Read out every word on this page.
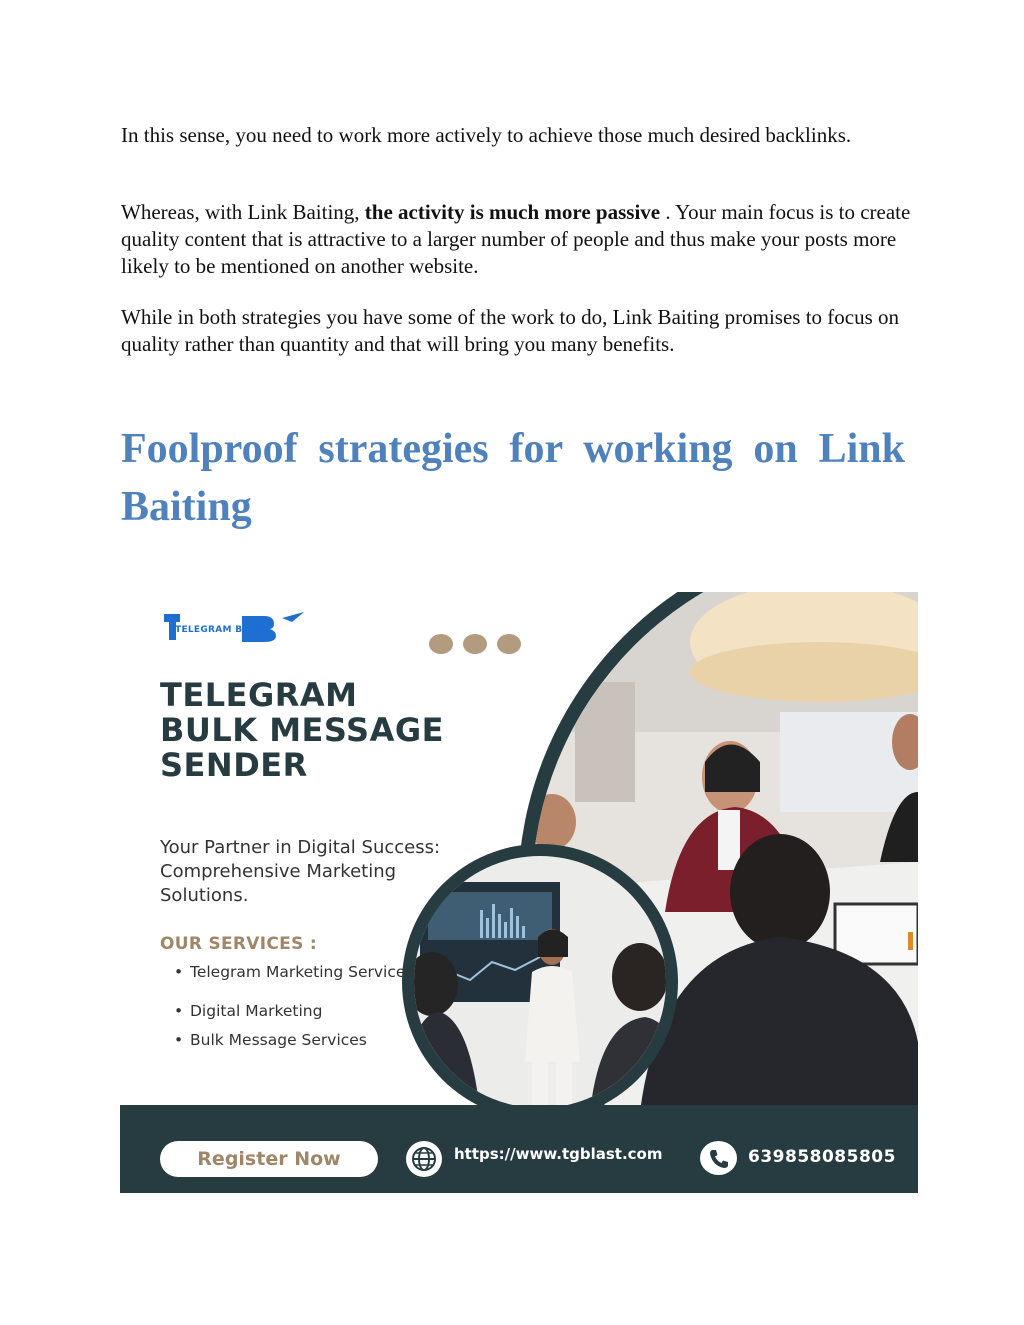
In this sense, you need to work more actively to achieve those much desired backlinks.

Whereas, with Link Baiting, the activity is much more passive . Your main focus is to create quality content that is attractive to a larger number of people and thus make your posts more likely to be mentioned on another website.

While in both strategies you have some of the work to do, Link Baiting promises to focus on quality rather than quantity and that will bring you many benefits.

Foolproof strategies for working on Link Baiting
TELEGRAM BLAST
TELEGRAM BULK MESSAGE SENDER

Your Partner in Digital Success: Comprehensive Marketing Solutions.

OUR SERVICES :

• Telegram Marketing Services
• Digital Marketing
• Bulk Message Services
Register Now	https://www.tgblast.com	639858085805
